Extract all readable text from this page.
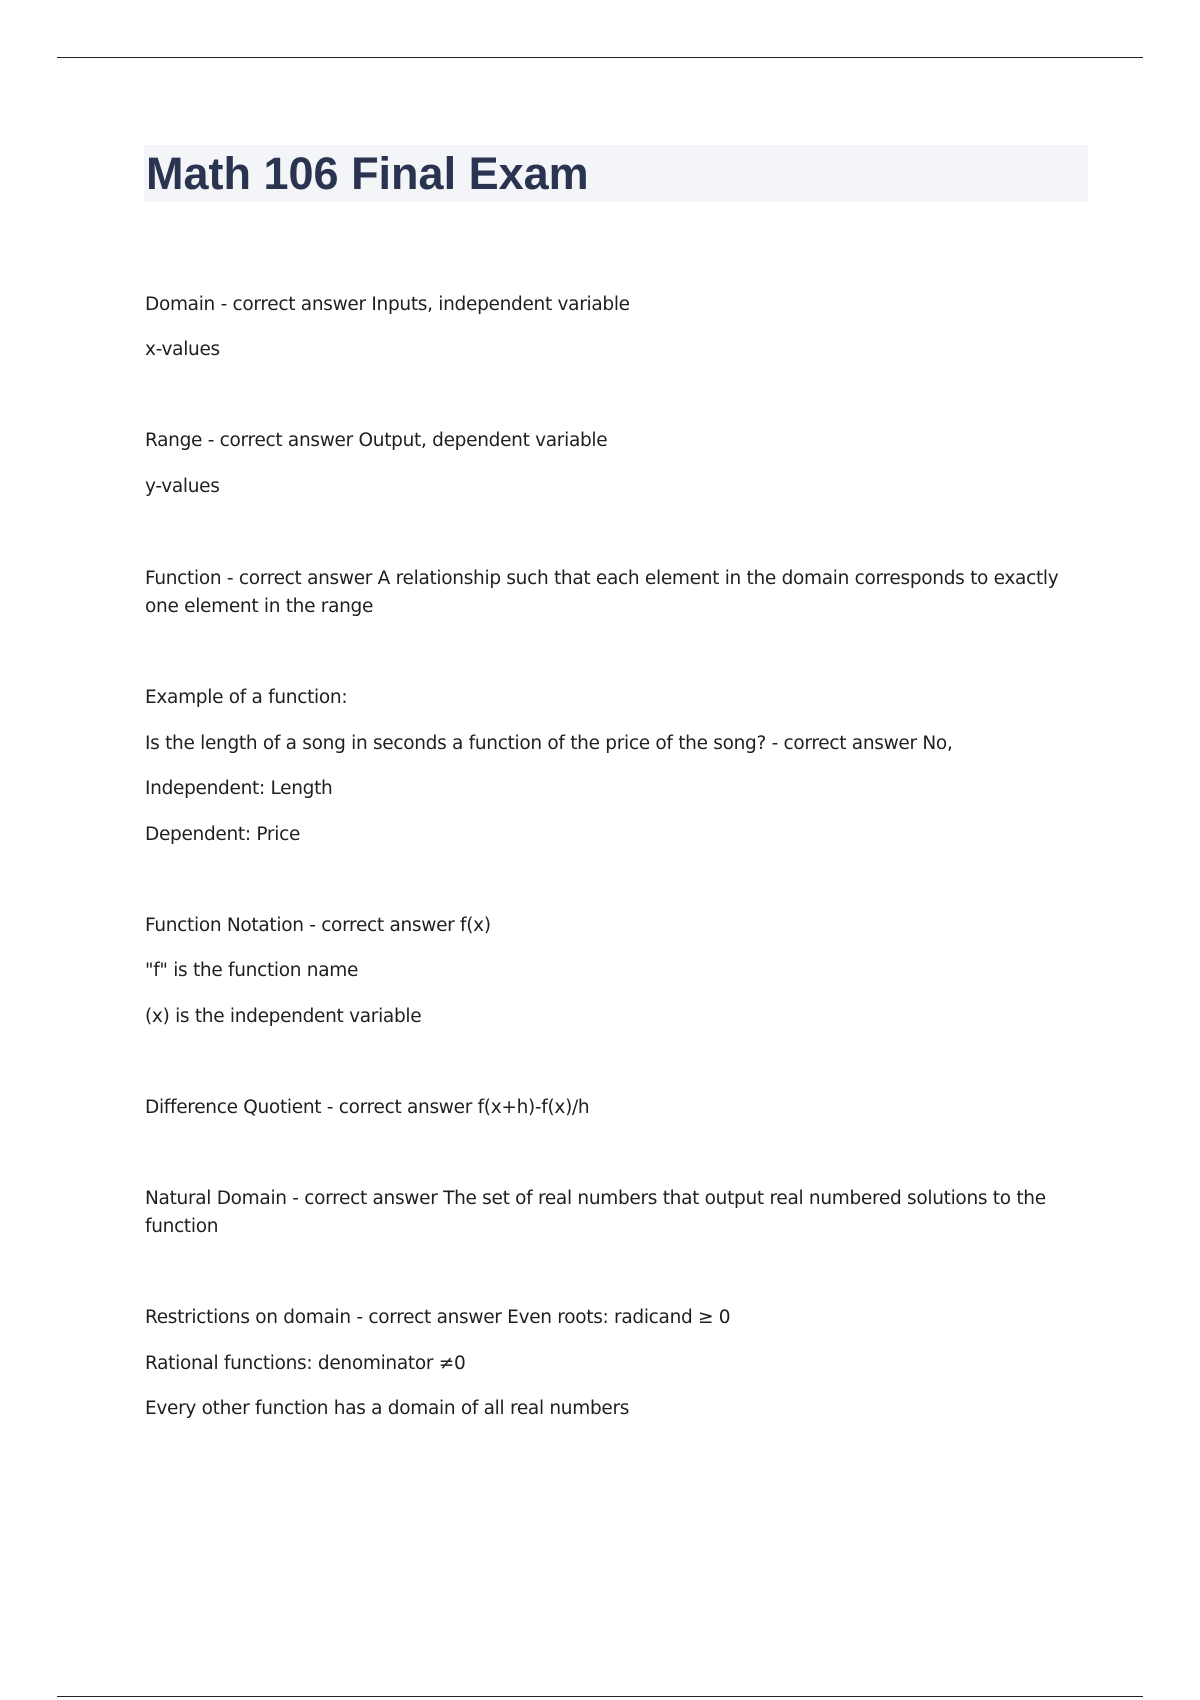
Math 106 Final Exam

Domain - correct answer Inputs, independent variable

x-values

Range - correct answer Output, dependent variable

y-values

Function - correct answer A relationship such that each element in the domain corresponds to exactly

one element in the range

Example of a function:

Is the length of a song in seconds a function of the price of the song? - correct answer No,

Independent: Length

Dependent: Price

Function Notation - correct answer f(x)

"f" is the function name

(x) is the independent variable

Difference Quotient - correct answer f(x+h)-f(x)/h

Natural Domain - correct answer The set of real numbers that output real numbered solutions to the

function

Restrictions on domain - correct answer Even roots: radicand ≥ 0

Rational functions: denominator ≠0

Every other function has a domain of all real numbers
